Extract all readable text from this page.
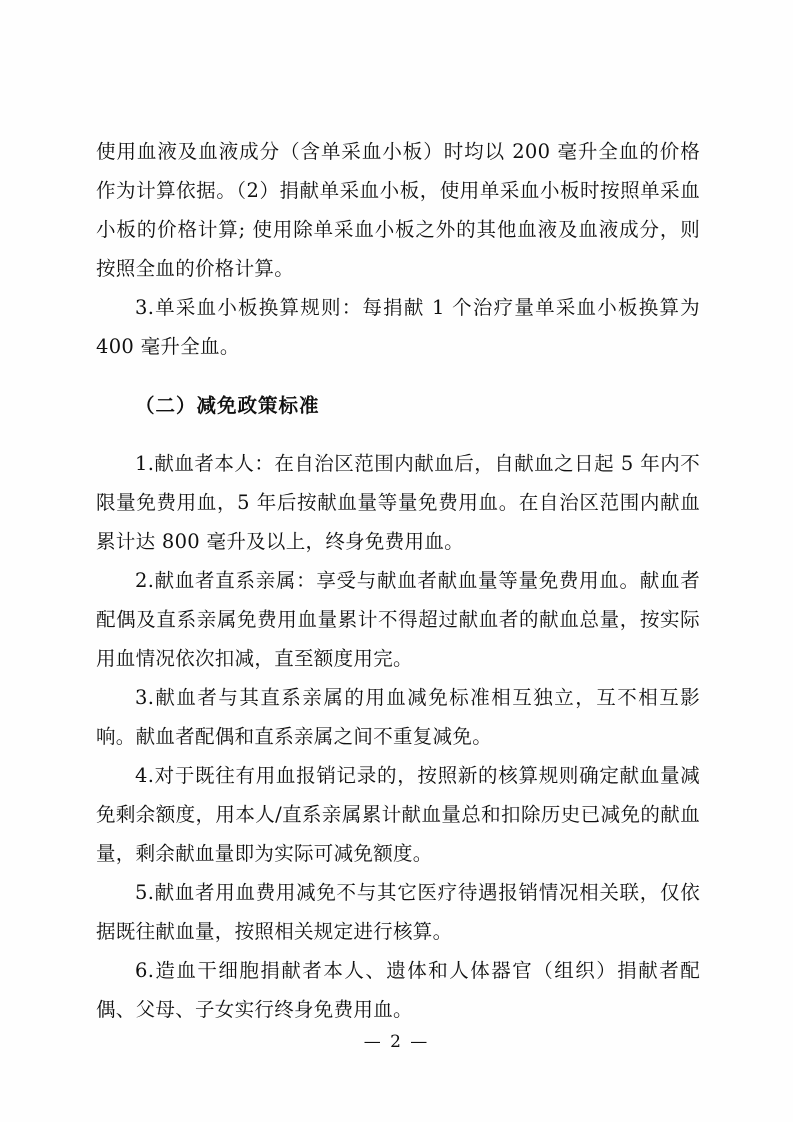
使用血液及血液成分（含单采血小板）时均以 200 毫升全血的价格作为计算依据。（2）捐献单采血小板，使用单采血小板时按照单采血小板的价格计算; 使用除单采血小板之外的其他血液及血液成分，则按照全血的价格计算。

3.单采血小板换算规则：每捐献 1 个治疗量单采血小板换算为 400 毫升全血。

（二）减免政策标准

1.献血者本人：在自治区范围内献血后，自献血之日起 5 年内不限量免费用血，5 年后按献血量等量免费用血。在自治区范围内献血累计达 800 毫升及以上，终身免费用血。

2.献血者直系亲属：享受与献血者献血量等量免费用血。献血者配偶及直系亲属免费用血量累计不得超过献血者的献血总量，按实际用血情况依次扣减，直至额度用完。

3.献血者与其直系亲属的用血减免标准相互独立，互不相互影响。献血者配偶和直系亲属之间不重复减免。

4.对于既往有用血报销记录的，按照新的核算规则确定献血量减免剩余额度，用本人/直系亲属累计献血量总和扣除历史已减免的献血量，剩余献血量即为实际可减免额度。

5.献血者用血费用减免不与其它医疗待遇报销情况相关联，仅依据既往献血量，按照相关规定进行核算。

6.造血干细胞捐献者本人、遗体和人体器官（组织）捐献者配偶、父母、子女实行终身免费用血。

— 2 —
